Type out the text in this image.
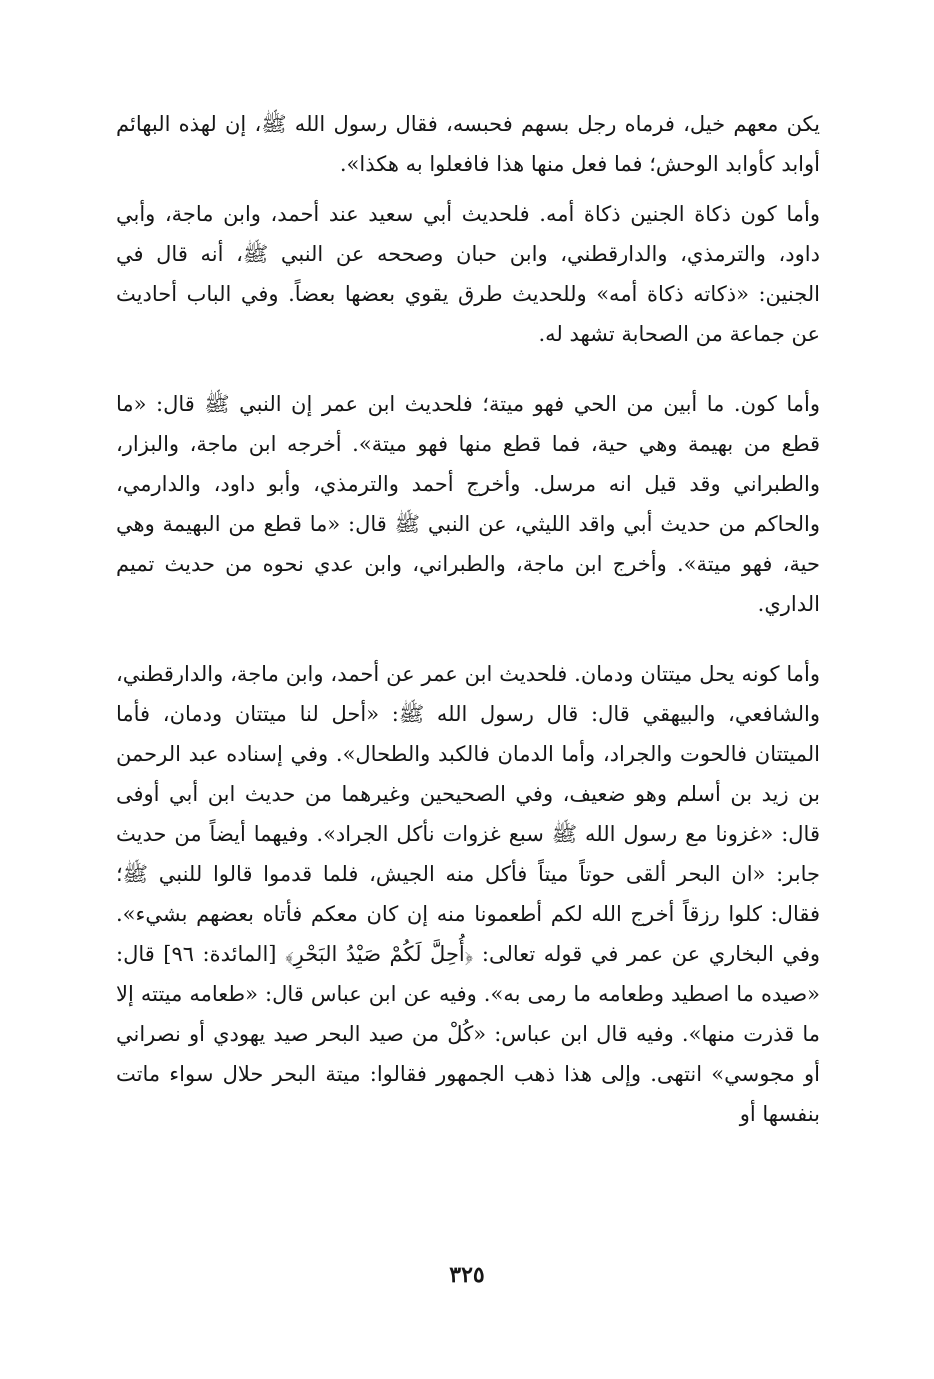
يكن معهم خيل، فرماه رجل بسهم فحبسه، فقال رسول الله ﷺ، إن لهذه البهائم أوابد كأوابد الوحش؛ فما فعل منها هذا فافعلوا به هكذا».

وأما كون ذكاة الجنين ذكاة أمه. فلحديث أبي سعيد عند أحمد، وابن ماجة، وأبي داود، والترمذي، والدارقطني، وابن حبان وصححه عن النبي ﷺ، أنه قال في الجنين: «ذكاته ذكاة أمه» وللحديث طرق يقوي بعضها بعضاً. وفي الباب أحاديث عن جماعة من الصحابة تشهد له.

وأما كون. ما أبين من الحي فهو ميتة؛ فلحديث ابن عمر إن النبي ﷺ قال: «ما قطع من بهيمة وهي حية، فما قطع منها فهو ميتة». أخرجه ابن ماجة، والبزار، والطبراني وقد قيل انه مرسل. وأخرج أحمد والترمذي، وأبو داود، والدارمي، والحاكم من حديث أبي واقد الليثي، عن النبي ﷺ قال: «ما قطع من البهيمة وهي حية، فهو ميتة». وأخرج ابن ماجة، والطبراني، وابن عدي نحوه من حديث تميم الداري.

وأما كونه يحل ميتتان ودمان. فلحديث ابن عمر عن أحمد، وابن ماجة، والدارقطني، والشافعي، والبيهقي قال: قال رسول الله ﷺ: «أحل لنا ميتتان ودمان، فأما الميتتان فالحوت والجراد، وأما الدمان فالكبد والطحال». وفي إسناده عبد الرحمن بن زيد بن أسلم وهو ضعيف، وفي الصحيحين وغيرهما من حديث ابن أبي أوفى قال: «غزونا مع رسول الله ﷺ سبع غزوات نأكل الجراد». وفيهما أيضاً من حديث جابر: «ان البحر ألقى حوتاً ميتاً فأكل منه الجيش، فلما قدموا قالوا للنبي ﷺ؛ فقال: كلوا رزقاً أخرج الله لكم أطعمونا منه إن كان معكم فأتاه بعضهم بشيء». وفي البخاري عن عمر في قوله تعالى: ﴿أُحِلَّ لَكُمْ صَيْدُ البَحْرِ﴾ [المائدة: ٩٦] قال: «صيده ما اصطيد وطعامه ما رمى به». وفيه عن ابن عباس قال: «طعامه ميتته إلا ما قذرت منها». وفيه قال ابن عباس: «كُلْ من صيد البحر صيد يهودي أو نصراني أو مجوسي» انتهى. وإلى هذا ذهب الجمهور فقالوا: ميتة البحر حلال سواء ماتت بنفسها أو

٣٢٥
